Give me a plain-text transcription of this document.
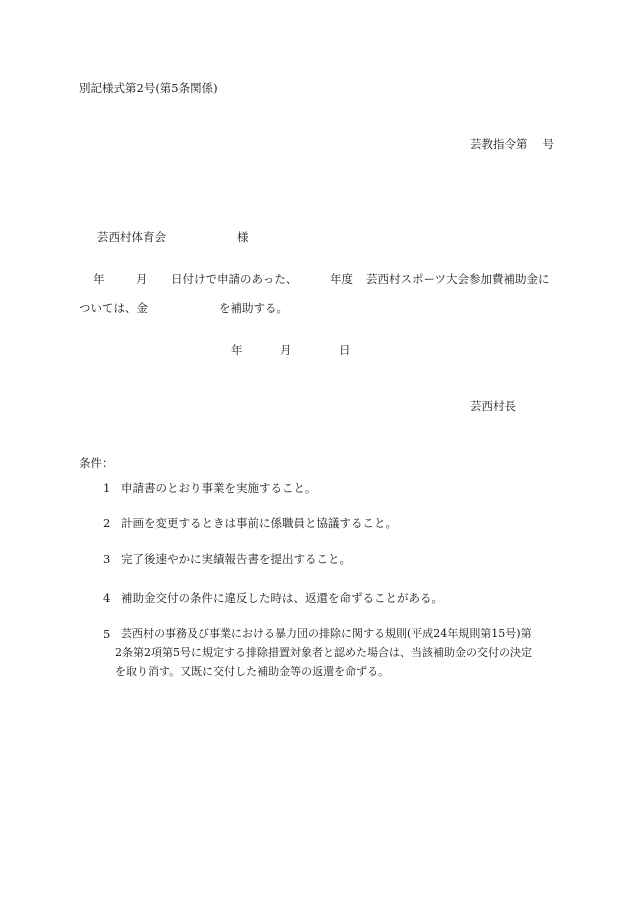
別記様式第2号(第5条関係)
芸教指令第　 号
芸西村体育会	様
年	月 日付けで申請のあった、	年度 芸西村スポーツ大会参加費補助金に
ついては、金	を補助する。
年	月	日
芸西村長
条件：
1 申請書のとおり事業を実施すること。
2 計画を変更するときは事前に係職員と協議すること。
3 完了後速やかに実績報告書を提出すること。
4 補助金交付の条件に違反した時は、返還を命ずることがある。
5 芸西村の事務及び事業における暴力団の排除に関する規則(平成24年規則第15号)第
2条第2項第5号に規定する排除措置対象者と認めた場合は、当該補助金の交付の決定
を取り消す。又既に交付した補助金等の返還を命ずる。
